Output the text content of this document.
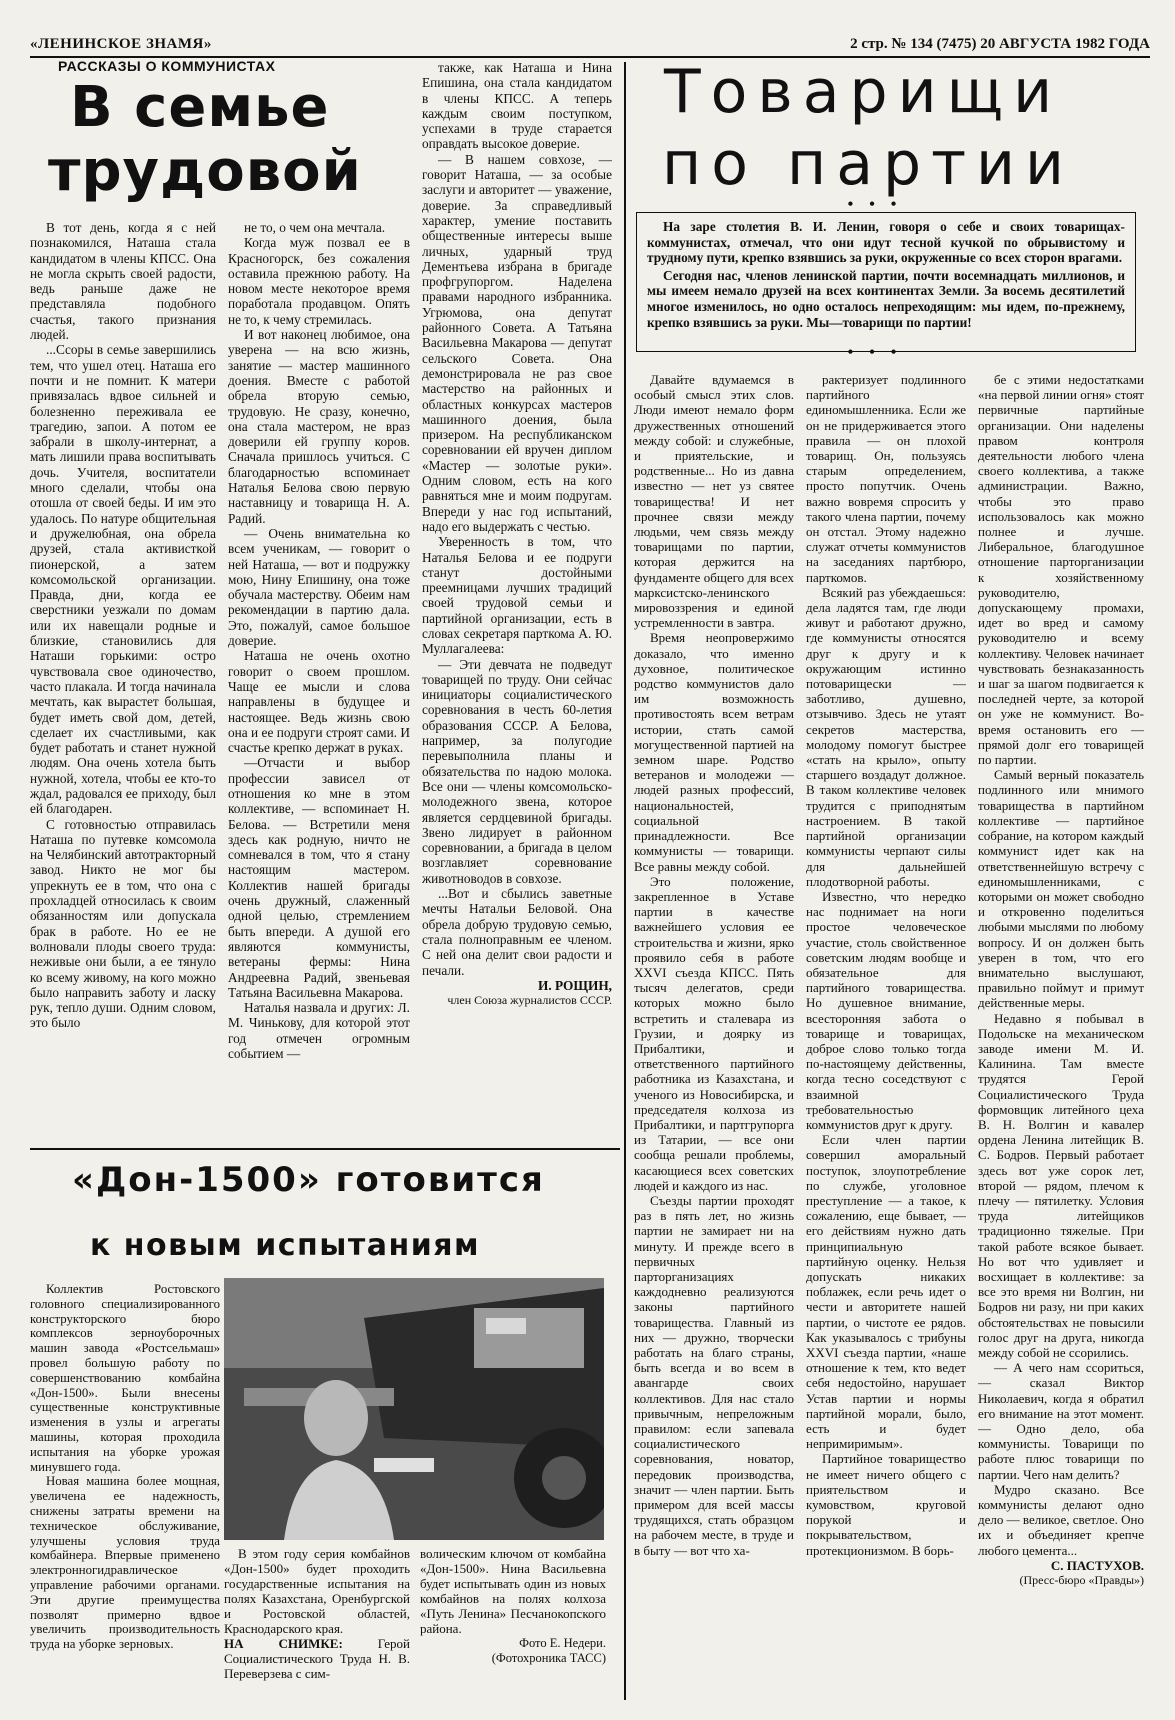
«ЛЕНИНСКОЕ ЗНАМЯ»	2 стр. № 134 (7475) 20 АВГУСТА 1982 ГОДА
РАССКАЗЫ О КОММУНИСТАХ
В семье
трудовой

В тот день, когда я с ней познакомился, Наташа стала кандидатом в члены КПСС. Она не могла скрыть своей радости, ведь раньше даже не представляла подобного счастья, такого признания людей.

...Ссоры в семье завершились тем, что ушел отец. Наташа его почти и не помнит. К матери привязалась вдвое сильней и болезненно переживала ее трагедию, запои. А потом ее забрали в школу-интернат, а мать лишили права воспитывать дочь. Учителя, воспитатели много сделали, чтобы она отошла от своей беды. И им это удалось. По натуре общительная и дружелюбная, она обрела друзей, стала активисткой пионерской, а затем комсомольской организации. Правда, дни, когда ее сверстники уезжали по домам или их навещали родные и близкие, становились для Наташи горькими: остро чувствовала свое одиночество, часто плакала. И тогда начинала мечтать, как вырастет большая, будет иметь свой дом, детей, сделает их счастливыми, как будет работать и станет нужной людям. Она очень хотела быть нужной, хотела, чтобы ее кто-то ждал, радовался ее приходу, был ей благодарен.

С готовностью отправилась Наташа по путевке комсомола на Челябинский автотракторный завод. Никто не мог бы упрекнуть ее в том, что она с прохладцей относилась к своим обязанностям или допускала брак в работе. Но ее не волновали плоды своего труда: неживые они были, а ее тянуло ко всему живому, на кого можно было направить заботу и ласку рук, тепло души. Одним словом, это было

не то, о чем она мечтала.

Когда муж позвал ее в Красногорск, без сожаления оставила прежнюю работу. На новом месте некоторое время поработала продавцом. Опять не то, к чему стремилась.

И вот наконец любимое, она уверена — на всю жизнь, занятие — мастер машинного доения. Вместе с работой обрела вторую семью, трудовую. Не сразу, конечно, она стала мастером, не враз доверили ей группу коров. Сначала пришлось учиться. С благодарностью вспоминает Наталья Белова свою первую наставницу и товарища Н. А. Радий.

— Очень внимательна ко всем ученикам, — говорит о ней Наташа, — вот и подружку мою, Нину Епишину, она тоже обучала мастерству. Обеим нам рекомендации в партию дала. Это, пожалуй, самое большое доверие.

Наташа не очень охотно говорит о своем прошлом. Чаще ее мысли и слова направлены в будущее и настоящее. Ведь жизнь свою она и ее подруги строят сами. И счастье крепко держат в руках.

—Отчасти и выбор профессии зависел от отношения ко мне в этом коллективе, — вспоминает Н. Белова. — Встретили меня здесь как родную, ничто не сомневался в том, что я стану настоящим мастером. Коллектив нашей бригады очень дружный, слаженный одной целью, стремлением быть впереди. А душой его являются коммунисты, ветераны фермы: Нина Андреевна Радий, звеньевая Татьяна Васильевна Макарова.

Наталья назвала и других: Л. М. Чинькову, для которой этот год отмечен огромным событием —

также, как Наташа и Нина Епишина, она стала кандидатом в члены КПСС. А теперь каждым своим поступком, успехами в труде старается оправдать высокое доверие.

— В нашем совхозе, — говорит Наташа, — за особые заслуги и авторитет — уважение, доверие. За справедливый характер, умение поставить общественные интересы выше личных, ударный труд Дементьева избрана в бригаде профгрупоргом. Наделена правами народного избранника. Угрюмова, она депутат районного Совета. А Татьяна Васильевна Макарова — депутат сельского Совета. Она демонстрировала не раз свое мастерство на районных и областных конкурсах мастеров машинного доения, была призером. На республиканском соревновании ей вручен диплом «Мастер — золотые руки». Одним словом, есть на кого равняться мне и моим подругам. Впереди у нас год испытаний, надо его выдержать с честью.

Уверенность в том, что Наталья Белова и ее подруги станут достойными преемницами лучших традиций своей трудовой семьи и партийной организации, есть в словах секретаря парткома А. Ю. Муллагалеева:

— Эти девчата не подведут товарищей по труду. Они сейчас инициаторы социалистического соревнования в честь 60-летия образования СССР. А Белова, например, за полугодие перевыполнила планы и обязательства по надою молока. Все они — члены комсомольско-молодежного звена, которое является сердцевиной бригады. Звено лидирует в районном соревновании, а бригада в целом возглавляет соревнование животноводов в совхозе.

...Вот и сбылись заветные мечты Натальи Беловой. Она обрела добрую трудовую семью, стала полноправным ее членом. С ней она делит свои радости и печали.

И. РОЩИН,

член Союза журналистов СССР.

«Дон-1500» готовится
к новым испытаниям

Коллектив Ростовского головного специализированного конструкторского бюро комплексов зерноуборочных машин завода «Ростсельмаш» провел большую работу по совершенствованию комбайна «Дон-1500». Были внесены существенные конструктивные изменения в узлы и агрегаты машины, которая проходила испытания на уборке урожая минувшего года.

Новая машина более мощная, увеличена ее надежность, снижены затраты времени на техническое обслуживание, улучшены условия труда комбайнера. Впервые применено электронногидравлическое управление рабочими органами. Эти другие преимущества позволят примерно вдвое увеличить производительность труда на уборке зерновых.

В этом году серия комбайнов «Дон-1500» будет проходить государственные испытания на полях Казахстана, Оренбургской и Ростовской областей, Краснодарского края.

НА СНИМКЕ:	Герой Социалистического Труда Н. В. Переверзева с сим-

волическим ключом от комбайна «Дон-1500». Нина Васильевна будет испытывать один из новых комбайнов на полях колхоза «Путь Ленина» Песчанокопского района.

Фото Е. Недери.
(Фотохроника ТАСС)
Товарищи
по партии
• • •

На заре столетия В. И. Ленин, говоря о себе и своих товарищах-коммунистах, отмечал, что они идут тесной кучкой по обрывистому и трудному пути, крепко взявшись за руки, окруженные со всех сторон врагами.

Сегодня нас, членов ленинской партии, почти восемнадцать миллионов, и мы имеем немало друзей на всех континентах Земли. За восемь десятилетий многое изменилось, но одно осталось непреходящим: мы идем, по-прежнему, крепко взявшись за руки. Мы—товарищи по партии!

• • •

Давайте вдумаемся в особый смысл этих слов. Люди имеют немало форм дружественных отношений между собой: и служебные, и приятельские, и родственные... Но из давна известно — нет уз святее товарищества! И нет прочнее связи между людьми, чем связь между товарищами по партии, которая держится на фундаменте общего для всех марксистско-ленинского мировоззрения и единой устремленности в завтра.

Время неопровержимо доказало, что именно духовное, политическое родство коммунистов дало им возможность противостоять всем ветрам истории, стать самой могущественной партией на земном шаре. Родство ветеранов и молодежи — людей разных профессий, национальностей, социальной принадлежности. Все коммунисты — товарищи. Все равны между собой.

Это положение, закрепленное в Уставе партии в качестве важнейшего условия ее строительства и жизни, ярко проявило себя в работе XXVI съезда КПСС. Пять тысяч делегатов, среди которых можно было встретить и сталевара из Грузии, и доярку из Прибалтики, и ответственного партийного работника из Казахстана, и ученого из Новосибирска, и председателя колхоза из Прибалтики, и партгрупорга из Татарии, — все они сообща решали проблемы, касающиеся всех советских людей и каждого из нас.

Съезды партии проходят раз в пять лет, но жизнь партии не замирает ни на минуту. И прежде всего в первичных парторганизациях каждодневно реализуются законы партийного товарищества. Главный из них — дружно, творчески работать на благо страны, быть всегда и во всем в авангарде своих коллективов. Для нас стало привычным, непреложным правилом: если запевала социалистического соревнования, новатор, передовик производства, значит — член партии. Быть примером для всей массы трудящихся, стать образцом на рабочем месте, в труде и в быту — вот что ха-

рактеризует подлинного партийного единомышленника. Если же он не придерживается этого правила — он плохой товарищ. Он, пользуясь старым определением, просто попутчик. Очень важно вовремя спросить у такого члена партии, почему он отстал. Этому надежно служат отчеты коммунистов на заседаниях партбюро, парткомов.

Всякий раз убеждаешься: дела ладятся там, где люди живут и работают дружно, где коммунисты относятся друг к другу и к окружающим истинно потоварищески — заботливо, душевно, отзывчиво. Здесь не утаят секретов мастерства, молодому помогут быстрее «стать на крыло», опыту старшего воздадут должное. В таком коллективе человек трудится с приподнятым настроением. В такой партийной организации коммунисты черпают силы для дальнейшей плодотворной работы.

Известно, что нередко нас поднимает на ноги простое человеческое участие, столь свойственное советским людям вообще и обязательное для партийного товарищества. Но душевное внимание, всесторонняя забота о товарище и товарищах, доброе слово только тогда по-настоящему действенны, когда тесно соседствуют с взаимной требовательностью коммунистов друг к другу.

Если член партии совершил аморальный поступок, злоупотребление по службе, уголовное преступление — а такое, к сожалению, еще бывает, — его действиям нужно дать принципиальную партийную оценку. Нельзя допускать никаких поблажек, если речь идет о чести и авторитете нашей партии, о чистоте ее рядов. Как указывалось с трибуны XXVI съезда партии, «наше отношение к тем, кто ведет себя недостойно, нарушает Устав партии и нормы партийной морали, было, есть и будет непримиримым».

Партийное товарищество не имеет ничего общего с приятельством и кумовством, круговой порукой и покрывательством, протекционизмом. В борь-

бе с этими недостатками «на первой линии огня» стоят первичные партийные организации. Они наделены правом контроля деятельности любого члена своего коллектива, а также администрации. Важно, чтобы это право использовалось как можно полнее и лучше. Либеральное, благодушное отношение парторганизации к хозяйственному руководителю, допускающему промахи, идет во вред и самому руководителю и всему коллективу. Человек начинает чувствовать безнаказанность и шаг за шагом подвигается к последней черте, за которой он уже не коммунист. Во-время остановить его — прямой долг его товарищей по партии.

Самый верный показатель подлинного или мнимого товарищества в партийном коллективе — партийное собрание, на котором каждый коммунист идет как на ответственнейшую встречу с единомышленниками, с которыми он может свободно и откровенно поделиться любыми мыслями по любому вопросу. И он должен быть уверен в том, что его внимательно выслушают, правильно поймут и примут действенные меры.

Недавно я побывал в Подольске на механическом заводе имени М. И. Калинина. Там вместе трудятся Герой Социалистического Труда формовщик литейного цеха В. Н. Волгин и кавалер ордена Ленина литейщик В. С. Бодров. Первый работает здесь вот уже сорок лет, второй — рядом, плечом к плечу — пятилетку. Условия труда литейщиков традиционно тяжелые. При такой работе всякое бывает. Но вот что удивляет и восхищает в коллективе: за все это время ни Волгин, ни Бодров ни разу, ни при каких обстоятельствах не повысили голос друг на друга, никогда между собой не ссорились.

— А чего нам ссориться, — сказал Виктор Николаевич, когда я обратил его внимание на этот момент. — Одно дело, оба коммунисты. Товарищи по работе плюс товарищи по партии. Чего нам делить?

Мудро сказано. Все коммунисты делают одно дело — великое, светлое. Оно их и объединяет крепче любого цемента...

С. ПАСТУХОВ.

(Пресс-бюро «Правды»)
